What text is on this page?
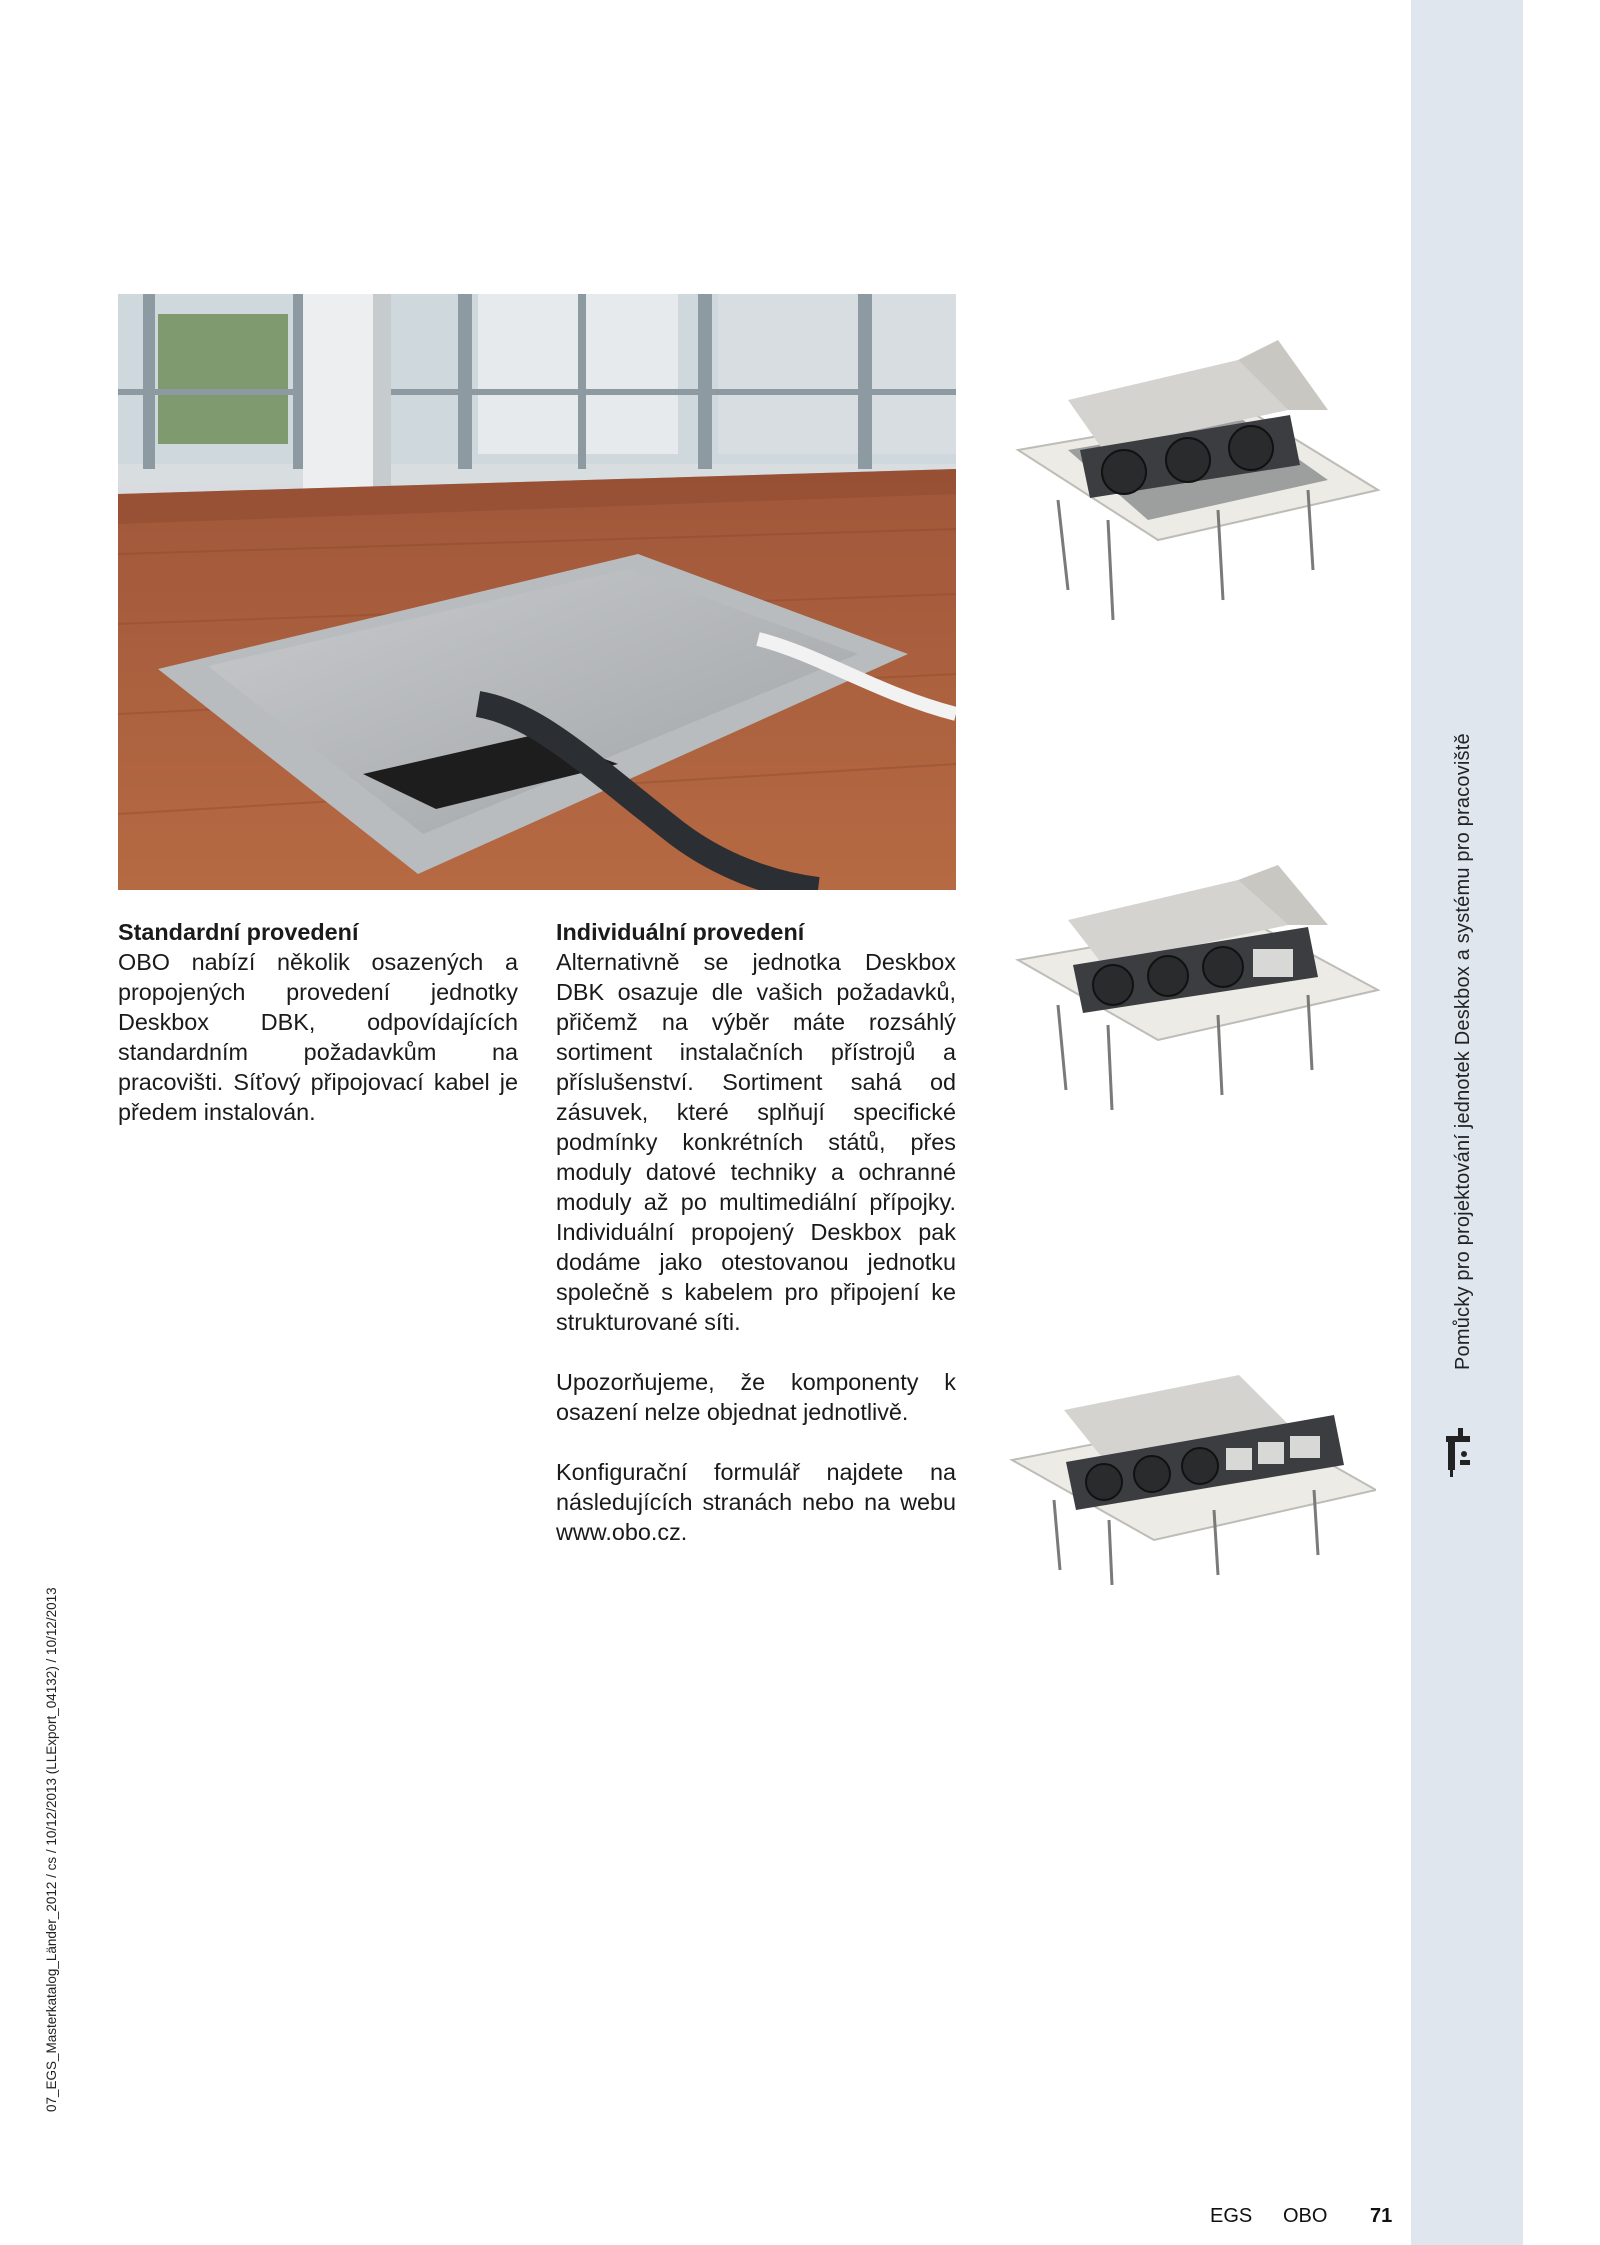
Pomůcky pro projektování jednotek Deskbox a systému pro pracoviště
07_EGS_Masterkatalog_Länder_2012 / cs / 10/12/2013 (LLExport_04132) / 10/12/2013
Standardní provedení

OBO nabízí několik osazených a propojených provedení jednotky Deskbox DBK, odpovídajících standardním požadavkům na pracovišti. Síťový připojovací kabel je předem instalován.

Individuální provedení

Alternativně se jednotka Deskbox DBK osazuje dle vašich požadavků, přičemž na výběr máte rozsáhlý sortiment instalačních přístrojů a příslušenství. Sortiment sahá od zásuvek, které splňují specifické podmínky konkrétních států, přes moduly datové techniky a ochranné moduly až po multimediální přípojky. Individuální propojený Deskbox pak dodáme jako otestovanou jednotku společně s kabelem pro připojení ke strukturované síti.

Upozorňujeme, že komponenty k osazení nelze objednat jednotlivě.

Konfigurační formulář najdete na následujících stranách nebo na webu www.obo.cz.

EGS OBO 71
